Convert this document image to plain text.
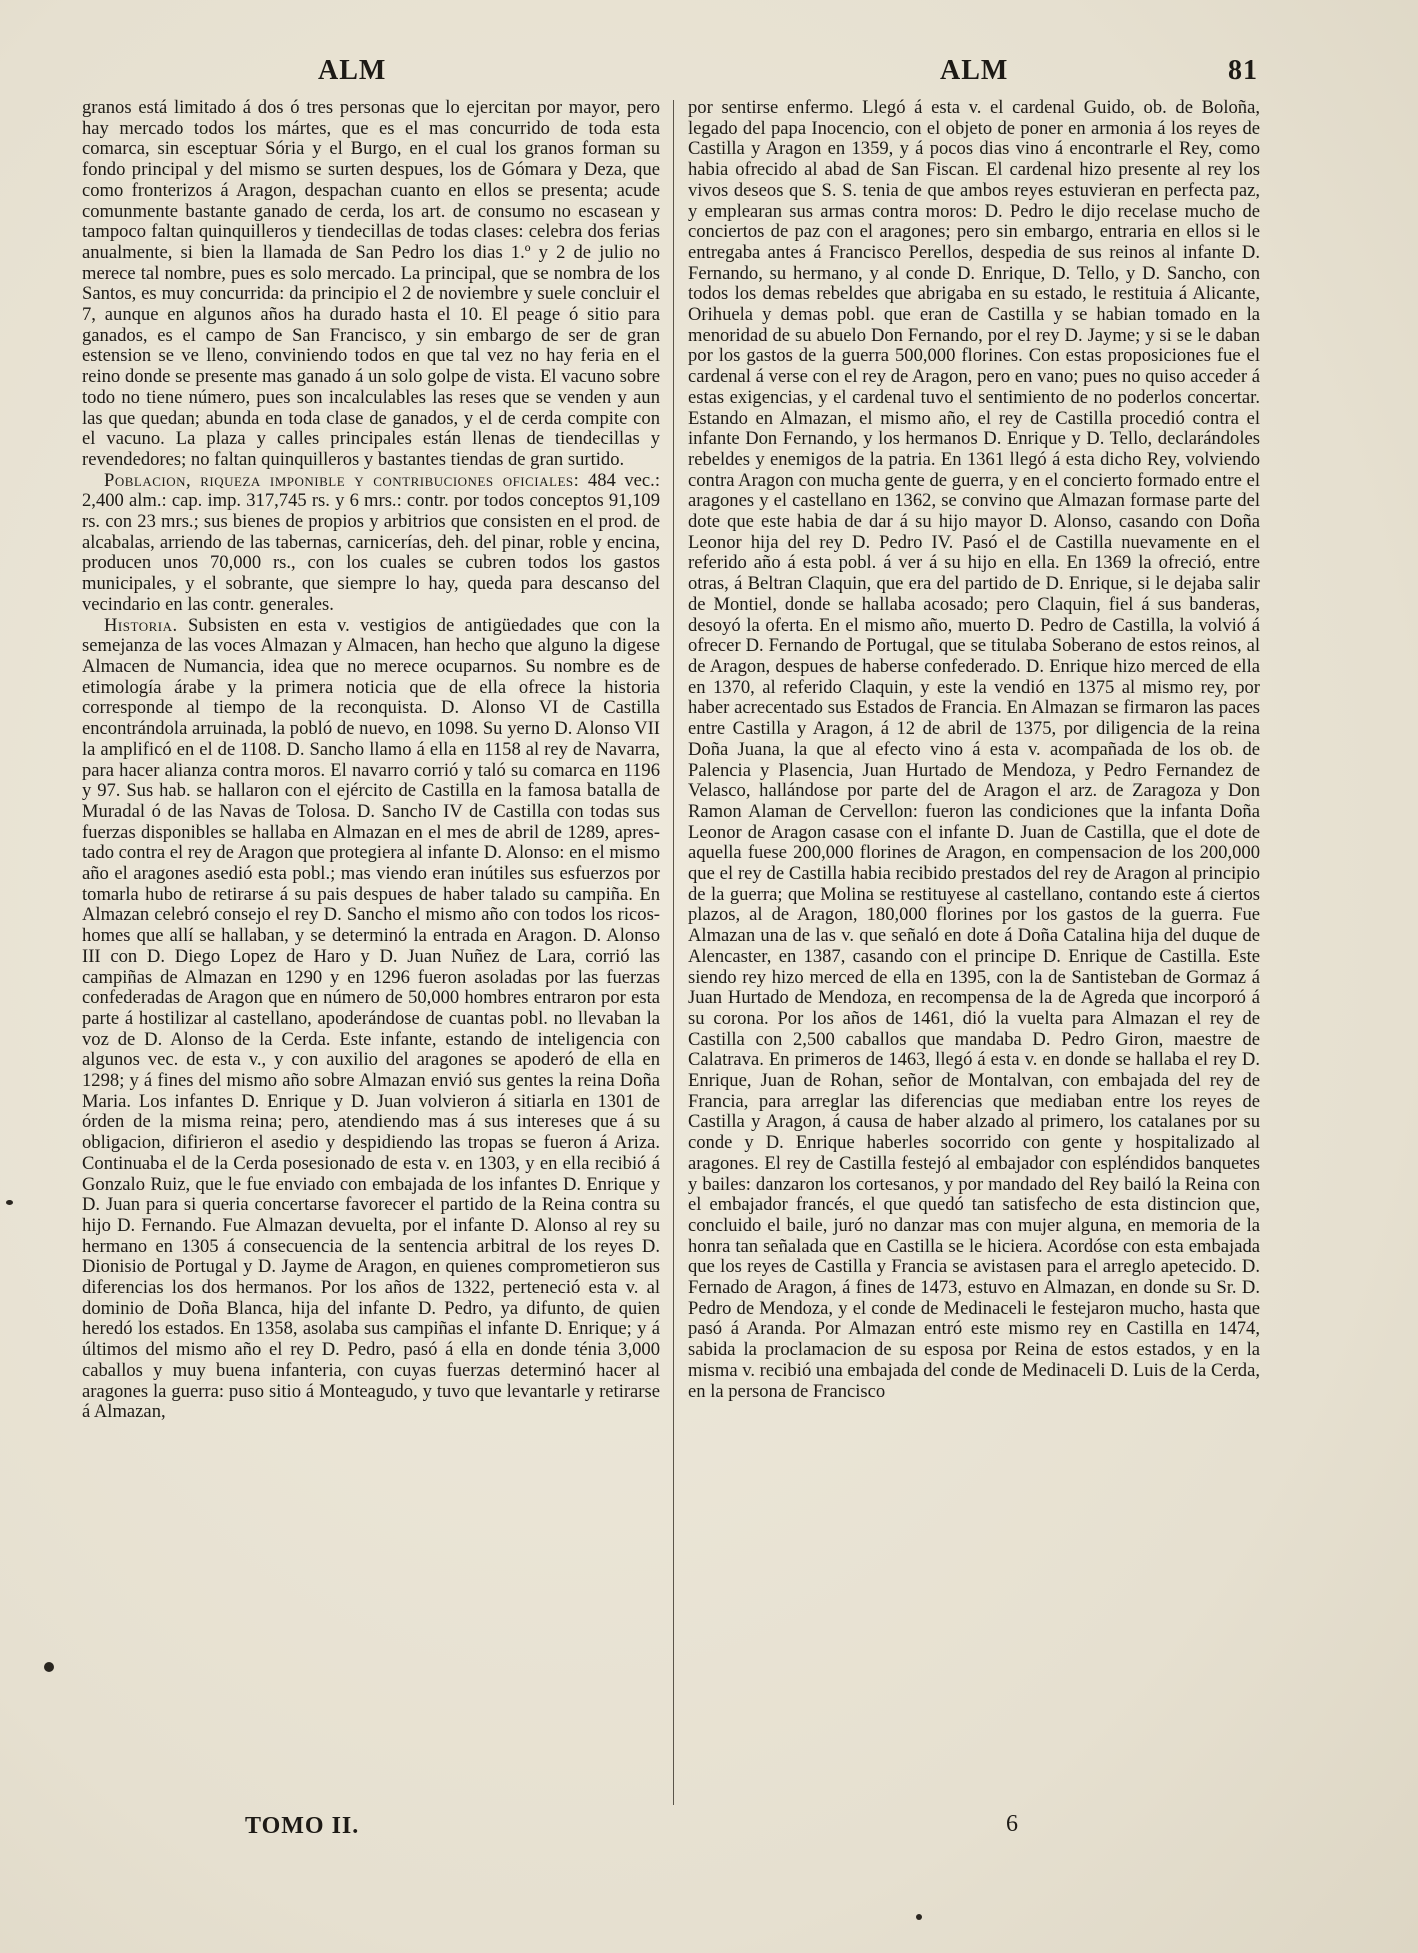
ALM	ALM	81

granos está limitado á dos ó tres personas que lo ejercitan por mayor, pero hay mercado todos los mártes, que es el mas concurrido de toda esta comarca, sin esceptuar Sória y el Burgo, en el cual los granos forman su fondo principal y del mismo se surten despues, los de Gómara y Deza, que como fronterizos á Aragon, despachan cuanto en ellos se presenta; acude comunmente bastante ganado de cerda, los art. de consumo no escasean y tampoco faltan quinquilleros y tiendecillas de todas clases: celebra dos ferias anualmente, si bien la llamada de San Pedro los dias 1.º y 2 de julio no merece tal nombre, pues es solo mercado. La principal, que se nombra de los Santos, es muy concurrida: da principio el 2 de noviembre y suele concluir el 7, aunque en algunos años ha durado hasta el 10. El peage ó sitio para ganados, es el campo de San Francisco, y sin embargo de ser de gran estension se ve lleno, conviniendo todos en que tal vez no hay feria en el reino donde se presente mas ganado á un solo golpe de vista. El vacuno sobre todo no tiene número, pues son incalculables las reses que se venden y aun las que quedan; abunda en toda clase de ganados, y el de cerda compite con el vacuno. La plaza y calles principales están llenas de tiendecillas y revendedores; no faltan quinquilleros y bastantes tiendas de gran surtido.

Poblacion, riqueza imponible y contribuciones oficiales: 484 vec.: 2,400 alm.: cap. imp. 317,745 rs. y 6 mrs.: contr. por todos conceptos 91,109 rs. con 23 mrs.; sus bienes de propios y arbitrios que consisten en el prod. de alcabalas, arriendo de las tabernas, carnicerías, deh. del pinar, roble y encina, producen unos 70,000 rs., con los cuales se cubren todos los gastos municipales, y el sobrante, que siempre lo hay, queda para descanso del vecindario en las contr. generales.

Historia. Subsisten en esta v. vestigios de antigüedades que con la semejanza de las voces Almazan y Almacen, han hecho que alguno la digese Almacen de Numancia, idea que no merece ocuparnos. Su nombre es de etimología árabe y la primera noticia que de ella ofrece la historia corresponde al tiempo de la reconquista. D. Alonso VI de Castilla encontrándola arruinada, la pobló de nuevo, en 1098. Su yerno D. Alonso VII la amplificó en el de 1108. D. Sancho llamo á ella en 1158 al rey de Navarra, para hacer alianza contra moros. El navarro corrió y taló su comarca en 1196 y 97. Sus hab. se hallaron con el ejército de Castilla en la famosa batalla de Muradal ó de las Navas de Tolosa. D. Sancho IV de Castilla con todas sus fuerzas disponibles se hallaba en Almazan en el mes de abril de 1289, aprestado contra el rey de Aragon que protegiera al infante D. Alonso: en el mismo año el aragones asedió esta pobl.; mas viendo eran inútiles sus esfuerzos por tomarla hubo de retirarse á su pais despues de haber talado su campiña. En Almazan celebró consejo el rey D. Sancho el mismo año con todos los ricos-homes que allí se hallaban, y se determinó la entrada en Aragon. D. Alonso III con D. Diego Lopez de Haro y D. Juan Nuñez de Lara, corrió las campiñas de Almazan en 1290 y en 1296 fueron asoladas por las fuerzas confederadas de Aragon que en número de 50,000 hombres entraron por esta parte á hostilizar al castellano, apoderándose de cuantas pobl. no llevaban la voz de D. Alonso de la Cerda. Este infante, estando de inteligencia con algunos vec. de esta v., y con auxilio del aragones se apoderó de ella en 1298; y á fines del mismo año sobre Almazan envió sus gentes la reina Doña Maria. Los infantes D. Enrique y D. Juan volvieron á sitiarla en 1301 de órden de la misma reina; pero, atendiendo mas á sus intereses que á su obligacion, difirieron el asedio y despidiendo las tropas se fueron á Ariza. Continuaba el de la Cerda posesionado de esta v. en 1303, y en ella recibió á Gonzalo Ruiz, que le fue enviado con embajada de los infantes D. Enrique y D. Juan para si queria concertarse favorecer el partido de la Reina contra su hijo D. Fernando. Fue Almazan devuelta, por el infante D. Alonso al rey su hermano en 1305 á consecuencia de la sentencia arbitral de los reyes D. Dionisio de Portugal y D. Jayme de Aragon, en quienes comprometieron sus diferencias los dos hermanos. Por los años de 1322, perteneció esta v. al dominio de Doña Blanca, hija del infante D. Pedro, ya difunto, de quien heredó los estados. En 1358, asolaba sus campiñas el infante D. Enrique; y á últimos del mismo año el rey D. Pedro, pasó á ella en donde ténia 3,000 caballos y muy buena infanteria, con cuyas fuerzas determinó hacer al aragones la guerra: puso sitio á Monteagudo, y tuvo que levantarle y retirarse á Almazan,

por sentirse enfermo. Llegó á esta v. el cardenal Guido, ob. de Boloña, legado del papa Inocencio, con el objeto de poner en armonia á los reyes de Castilla y Aragon en 1359, y á pocos dias vino á encontrarle el Rey, como habia ofrecido al abad de San Fiscan. El cardenal hizo presente al rey los vivos deseos que S. S. tenia de que ambos reyes estuvieran en perfecta paz, y emplearan sus armas contra moros: D. Pedro le dijo recelase mucho de conciertos de paz con el aragones; pero sin embargo, entraria en ellos si le entregaba antes á Francisco Perellos, despedia de sus reinos al infante D. Fernando, su hermano, y al conde D. Enrique, D. Tello, y D. Sancho, con todos los demas rebeldes que abrigaba en su estado, le restituia á Alicante, Orihuela y demas pobl. que eran de Castilla y se habian tomado en la menoridad de su abuelo Don Fernando, por el rey D. Jayme; y si se le daban por los gastos de la guerra 500,000 florines. Con estas proposiciones fue el cardenal á verse con el rey de Aragon, pero en vano; pues no quiso acceder á estas exigencias, y el cardenal tuvo el sentimiento de no poderlos concertar. Estando en Almazan, el mismo año, el rey de Castilla procedió contra el infante Don Fernando, y los hermanos D. Enrique y D. Tello, declarándoles rebeldes y enemigos de la patria. En 1361 llegó á esta dicho Rey, volviendo contra Aragon con mucha gente de guerra, y en el concierto formado entre el aragones y el castellano en 1362, se convino que Almazan formase parte del dote que este habia de dar á su hijo mayor D. Alonso, casando con Doña Leonor hija del rey D. Pedro IV. Pasó el de Castilla nuevamente en el referido año á esta pobl. á ver á su hijo en ella. En 1369 la ofreció, entre otras, á Beltran Claquin, que era del partido de D. Enrique, si le dejaba salir de Montiel, donde se hallaba acosado; pero Claquin, fiel á sus banderas, desoyó la oferta. En el mismo año, muerto D. Pedro de Castilla, la volvió á ofrecer D. Fernando de Portugal, que se titulaba Soberano de estos reinos, al de Aragon, despues de haberse confederado. D. Enrique hizo merced de ella en 1370, al referido Claquin, y este la vendió en 1375 al mismo rey, por haber acrecentado sus Estados de Francia. En Almazan se firmaron las paces entre Castilla y Aragon, á 12 de abril de 1375, por diligencia de la reina Doña Juana, la que al efecto vino á esta v. acompañada de los ob. de Palencia y Plasencia, Juan Hurtado de Mendoza, y Pedro Fernandez de Velasco, hallándose por parte del de Aragon el arz. de Zaragoza y Don Ramon Alaman de Cervellon: fueron las condiciones que la infanta Doña Leonor de Aragon casase con el infante D. Juan de Castilla, que el dote de aquella fuese 200,000 florines de Aragon, en compensacion de los 200,000 que el rey de Castilla habia recibido prestados del rey de Aragon al principio de la guerra; que Molina se restituyese al castellano, contando este á ciertos plazos, al de Aragon, 180,000 florines por los gastos de la guerra. Fue Almazan una de las v. que señaló en dote á Doña Catalina hija del duque de Alencaster, en 1387, casando con el principe D. Enrique de Castilla. Este siendo rey hizo merced de ella en 1395, con la de Santisteban de Gormaz á Juan Hurtado de Mendoza, en recompensa de la de Agreda que incorporó á su corona. Por los años de 1461, dió la vuelta para Almazan el rey de Castilla con 2,500 caballos que mandaba D. Pedro Giron, maestre de Calatrava. En primeros de 1463, llegó á esta v. en donde se hallaba el rey D. Enrique, Juan de Rohan, señor de Montalvan, con embajada del rey de Francia, para arreglar las diferencias que mediaban entre los reyes de Castilla y Aragon, á causa de haber alzado al primero, los catalanes por su conde y D. Enrique haberles socorrido con gente y hospitalizado al aragones. El rey de Castilla festejó al embajador con espléndidos banquetes y bailes: danzaron los cortesanos, y por mandado del Rey bailó la Reina con el embajador francés, el que quedó tan satisfecho de esta distincion que, concluido el baile, juró no danzar mas con mujer alguna, en memoria de la honra tan señalada que en Castilla se le hiciera. Acordóse con esta embajada que los reyes de Castilla y Francia se avistasen para el arreglo apetecido. D. Fernado de Aragon, á fines de 1473, estuvo en Almazan, en donde su Sr. D. Pedro de Mendoza, y el conde de Medinaceli le festejaron mucho, hasta que pasó á Aranda. Por Almazan entró este mismo rey en Castilla en 1474, sabida la proclamacion de su esposa por Reina de estos estados, y en la misma v. recibió una embajada del conde de Medinaceli D. Luis de la Cerda, en la persona de Francisco

TOMO II.	6
